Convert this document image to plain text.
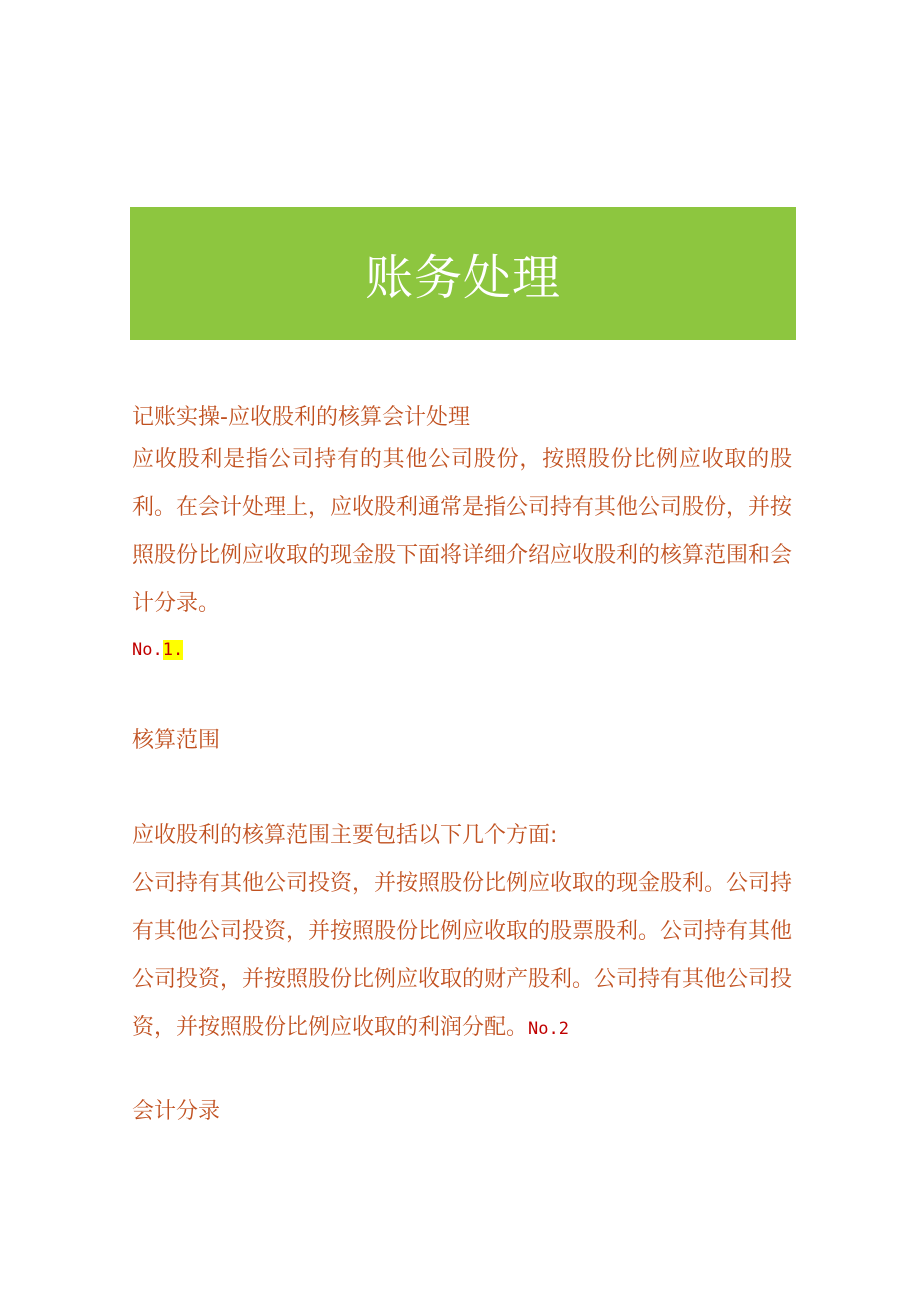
账务处理

记账实操-应收股利的核算会计处理

应收股利是指公司持有的其他公司股份，按照股份比例应收取的股利。在会计处理上，应收股利通常是指公司持有其他公司股份，并按照股份比例应收取的现金股下面将详细介绍应收股利的核算范围和会计分录。

No.1.

核算范围

应收股利的核算范围主要包括以下几个方面:

公司持有其他公司投资，并按照股份比例应收取的现金股利。公司持有其他公司投资，并按照股份比例应收取的股票股利。公司持有其他公司投资，并按照股份比例应收取的财产股利。公司持有其他公司投资，并按照股份比例应收取的利润分配。No.2

会计分录
